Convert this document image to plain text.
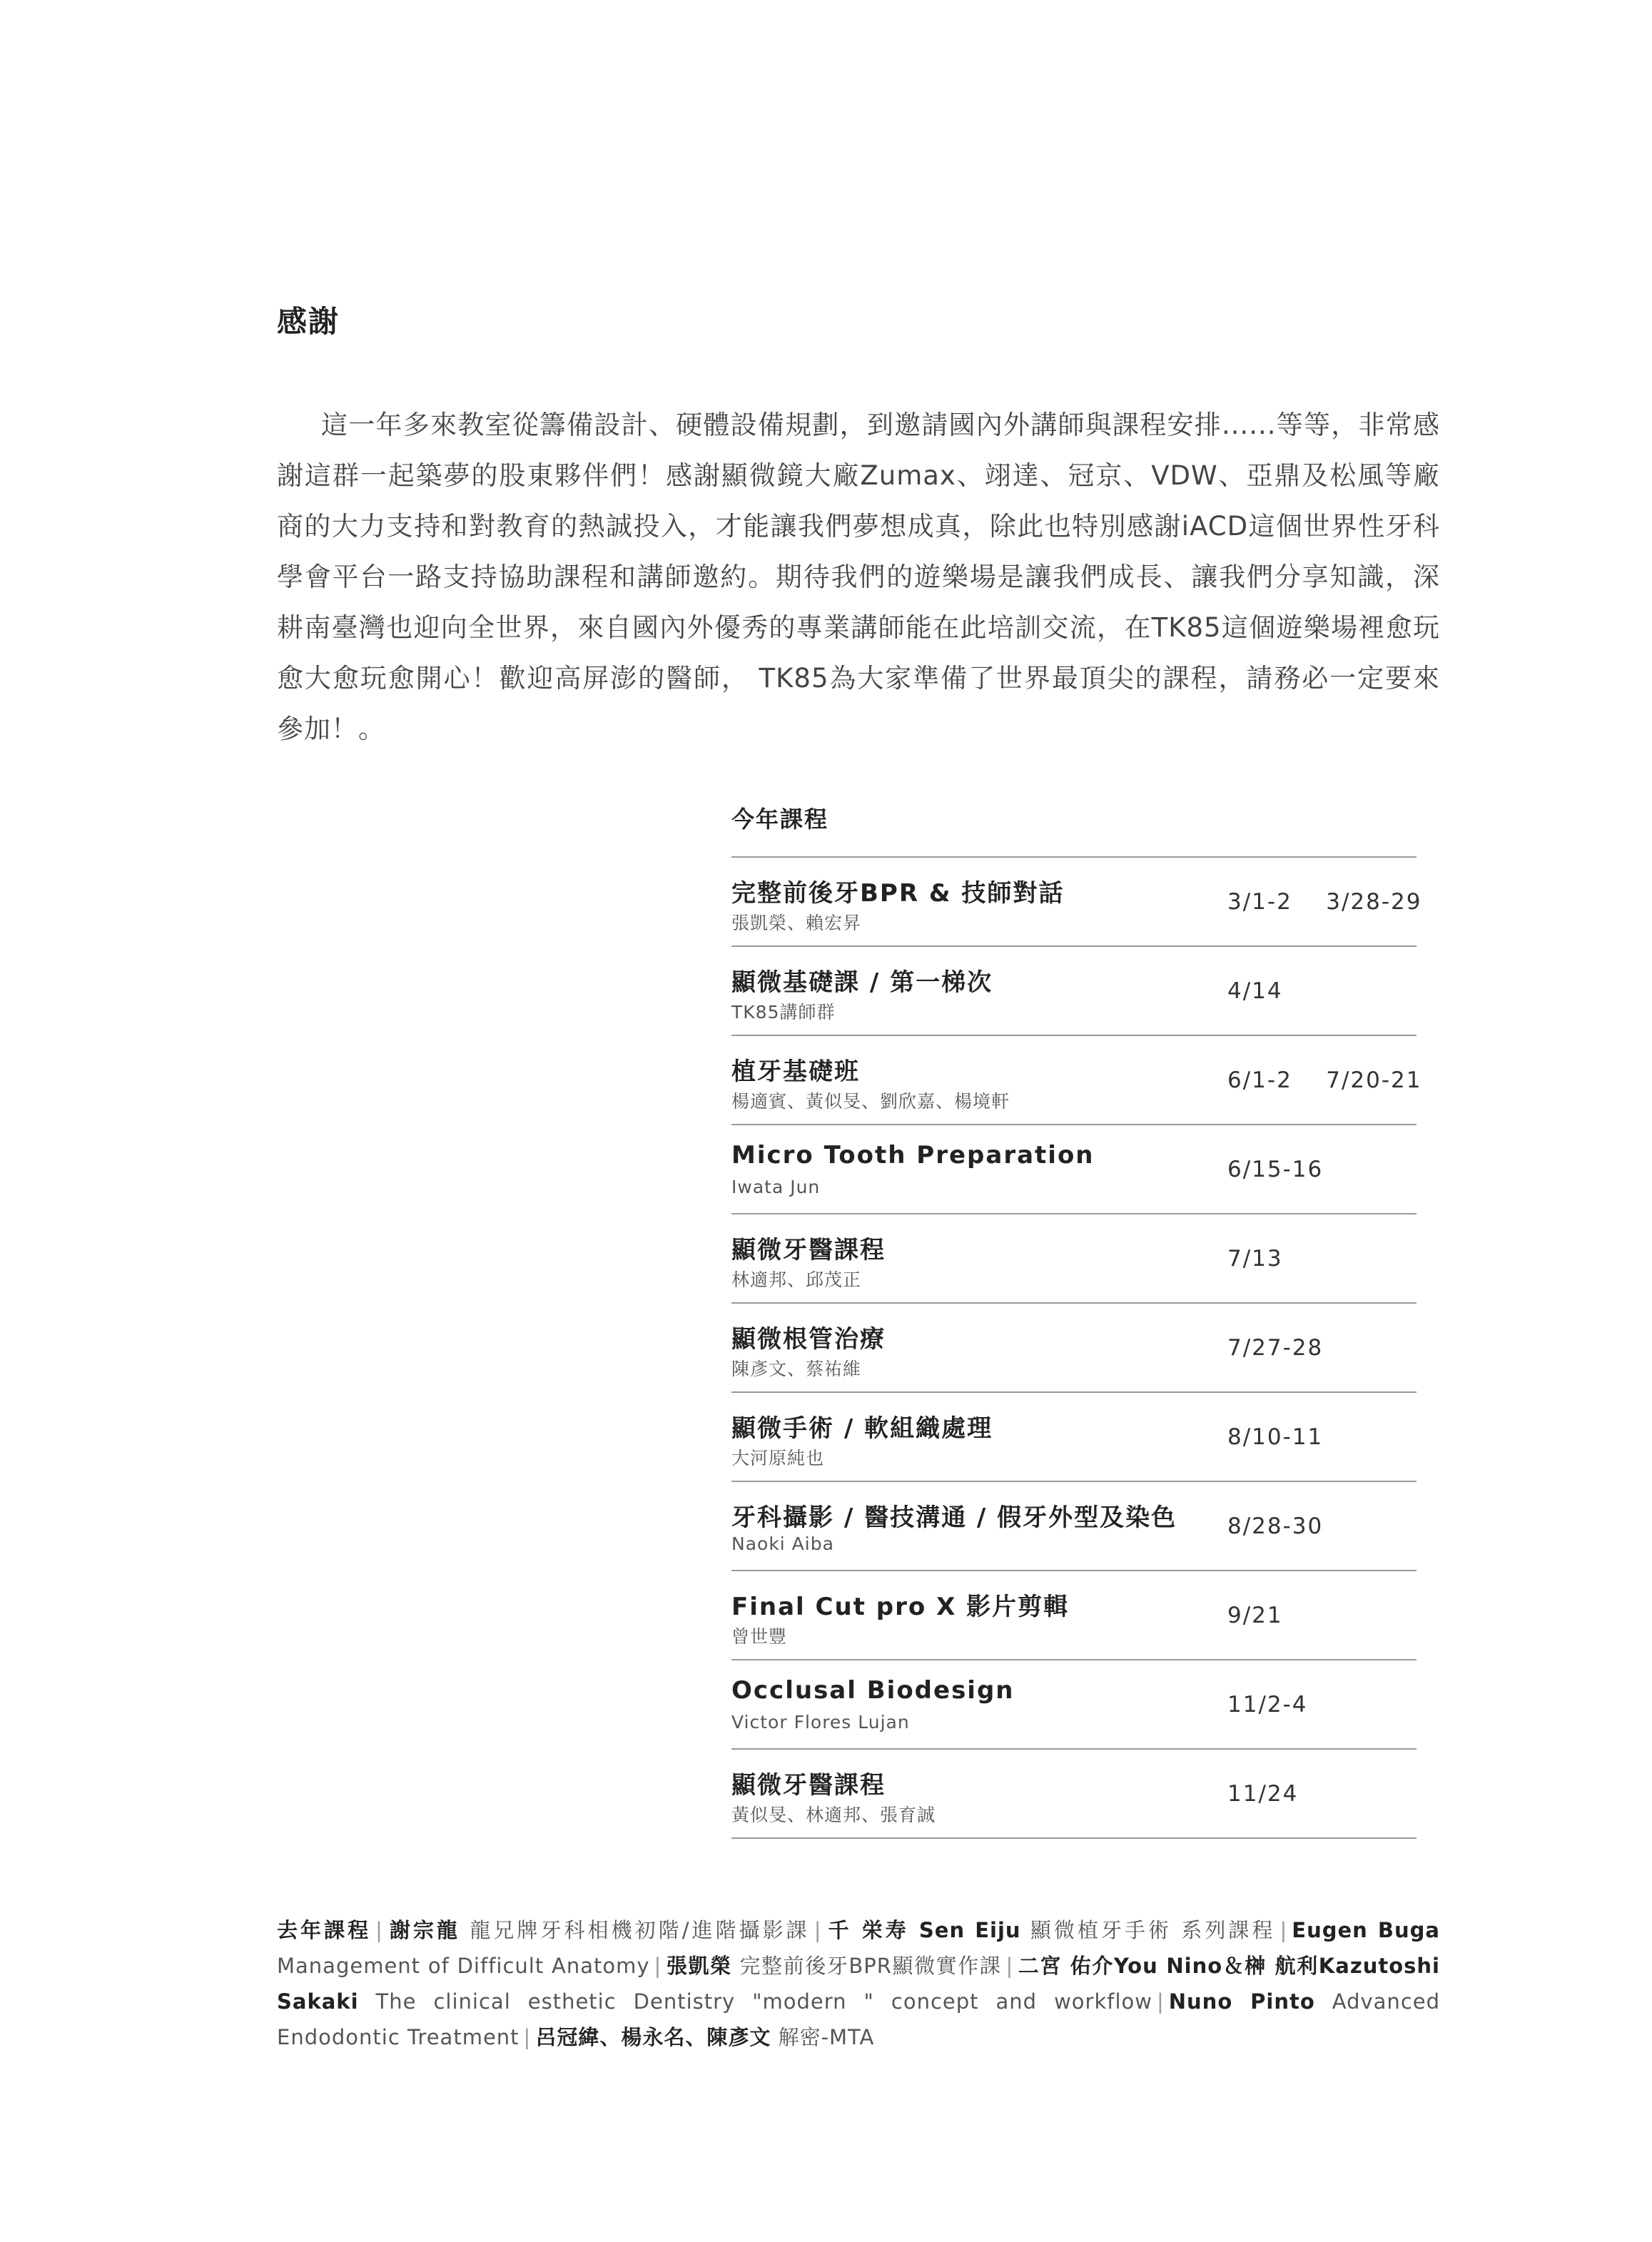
感謝
這一年多來教室從籌備設計、硬體設備規劃，到邀請國內外講師與課程安排......等等，非常感謝這群一起築夢的股東夥伴們！感謝顯微鏡大廠Zumax、翊達、冠京、VDW、亞鼎及松風等廠商的大力支持和對教育的熱誠投入，才能讓我們夢想成真，除此也特別感謝iACD這個世界性牙科學會平台一路支持協助課程和講師邀約。期待我們的遊樂場是讓我們成長、讓我們分享知識，深耕南臺灣也迎向全世界，來自國內外優秀的專業講師能在此培訓交流，在TK85這個遊樂場裡愈玩愈大愈玩愈開心！歡迎高屏澎的醫師， TK85為大家準備了世界最頂尖的課程，請務必一定要來參加！。
今年課程
完整前後牙BPR & 技師對話
張凱榮、賴宏昇
3/1-2    3/28-29
顯微基礎課 / 第一梯次
TK85講師群
4/14
植牙基礎班
楊適賓、黃似旻、劉欣嘉、楊境軒
6/1-2    7/20-21
Micro Tooth Preparation
Iwata Jun
6/15-16
顯微牙醫課程
林適邦、邱茂正
7/13
顯微根管治療
陳彥文、蔡祐維
7/27-28
顯微手術 / 軟組織處理
大河原純也
8/10-11
牙科攝影 / 醫技溝通 / 假牙外型及染色
Naoki Aiba
8/28-30
Final Cut pro X 影片剪輯
曾世豐
9/21
Occlusal Biodesign
Victor Flores Lujan
11/2-4
顯微牙醫課程
黃似旻、林適邦、張育誠
11/24
去年課程 | 謝宗龍 龍兄牌牙科相機初階/進階攝影課 | 千 栄寿 Sen Eiju 顯微植牙手術 系列課程 | Eugen Buga Management of Difficult Anatomy | 張凱榮 完整前後牙BPR顯微實作課 | 二宮 佑介You Nino＆榊 航利Kazutoshi Sakaki The clinical esthetic Dentistry "modern " concept and workflow | Nuno Pinto Advanced Endodontic Treatment | 呂冠緯、楊永名、陳彥文 解密-MTA
